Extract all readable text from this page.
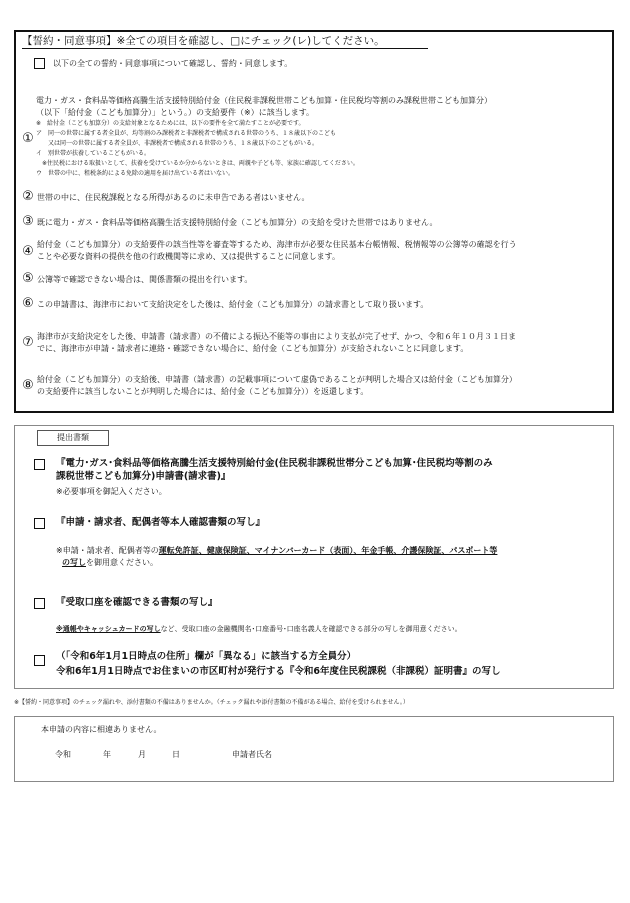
【誓約・同意事項】※全ての項目を確認し、□にチェック(レ)してください。
以下の全ての誓約・同意事項について確認し、誓約・同意します。
①
電力・ガス・食料品等価格高騰生活支援特別給付金（住民税非課税世帯こども加算・住民税均等割のみ課税世帯こども加算分）
（以下「給付金（こども加算分）」という。）の支給要件（※）に該当します。
※　給付金（こども加算分）の支給対象となるためには、以下の要件を全て満たすことが必要です。
ア　同一の世帯に属する者全員が、均等割のみ課税者と非課税者で構成される世帯のうち、１８歳以下のこども
　　又は同一の世帯に属する者全員が、非課税者で構成される世帯のうち、１８歳以下のこどもがいる。
イ　別世帯が扶養しているこどもがいる。
　※住民税における取扱いとして、扶養を受けているか分からないときは、両親や子ども等、家族に確認してください。
ウ　世帯の中に、租税条約による免除の適用を届け出ている者はいない。
② 世帯の中に、住民税課税となる所得があるのに未申告である者はいません。
③ 既に電力・ガス・食料品等価格高騰生活支援特別給付金（こども加算分）の支給を受けた世帯ではありません。
④ 給付金（こども加算分）の支給要件の該当性等を審査等するため、海津市が必要な住民基本台帳情報、税情報等の公簿等の確認を行う
ことや必要な資料の提供を他の行政機関等に求め、又は提供することに同意します。
⑤ 公簿等で確認できない場合は、関係書類の提出を行います。
⑥ この申請書は、海津市において支給決定をした後は、給付金（こども加算分）の請求書として取り扱います。
⑦ 海津市が支給決定をした後、申請書（請求書）の不備による振込不能等の事由により支払が完了せず、かつ、令和６年１０月３１日ま
でに、海津市が申請・請求者に連絡・確認できない場合に、給付金（こども加算分）が支給されないことに同意します。
⑧ 給付金（こども加算分）の支給後、申請書（請求書）の記載事項について虚偽であることが判明した場合又は給付金（こども加算分）
の支給要件に該当しないことが判明した場合には、給付金（こども加算分））を返還します。
提出書類
『電力･ガス･食料品等価格高騰生活支援特別給付金(住民税非課税世帯分こども加算･住民税均等割のみ
課税世帯こども加算分)申請書(請求書)』
※必要事項を御記入ください。
『申請・請求者、配偶者等本人確認書類の写し』
※申請・請求者、配偶者等の運転免許証、健康保険証、マイナンバーカード（表面）、年金手帳、介護保険証、パスポート等
の写しを御用意ください。
『受取口座を確認できる書類の写し』
※通帳やキャッシュカードの写しなど、受取口座の金融機関名･口座番号･口座名義人を確認できる部分の写しを御用意ください。
（「令和6年1月1日時点の住所」欄が「異なる」に該当する方全員分）
令和6年1月1日時点でお住まいの市区町村が発行する『令和6年度住民税課税（非課税）証明書』の写し
※【誓約・同意事項】のチェック漏れや、添付書類の不備はありませんか。（チェック漏れや添付書類の不備がある場合、給付を受けられません。）
本申請の内容に相違ありません。
令和	年	月	日	申請者氏名
